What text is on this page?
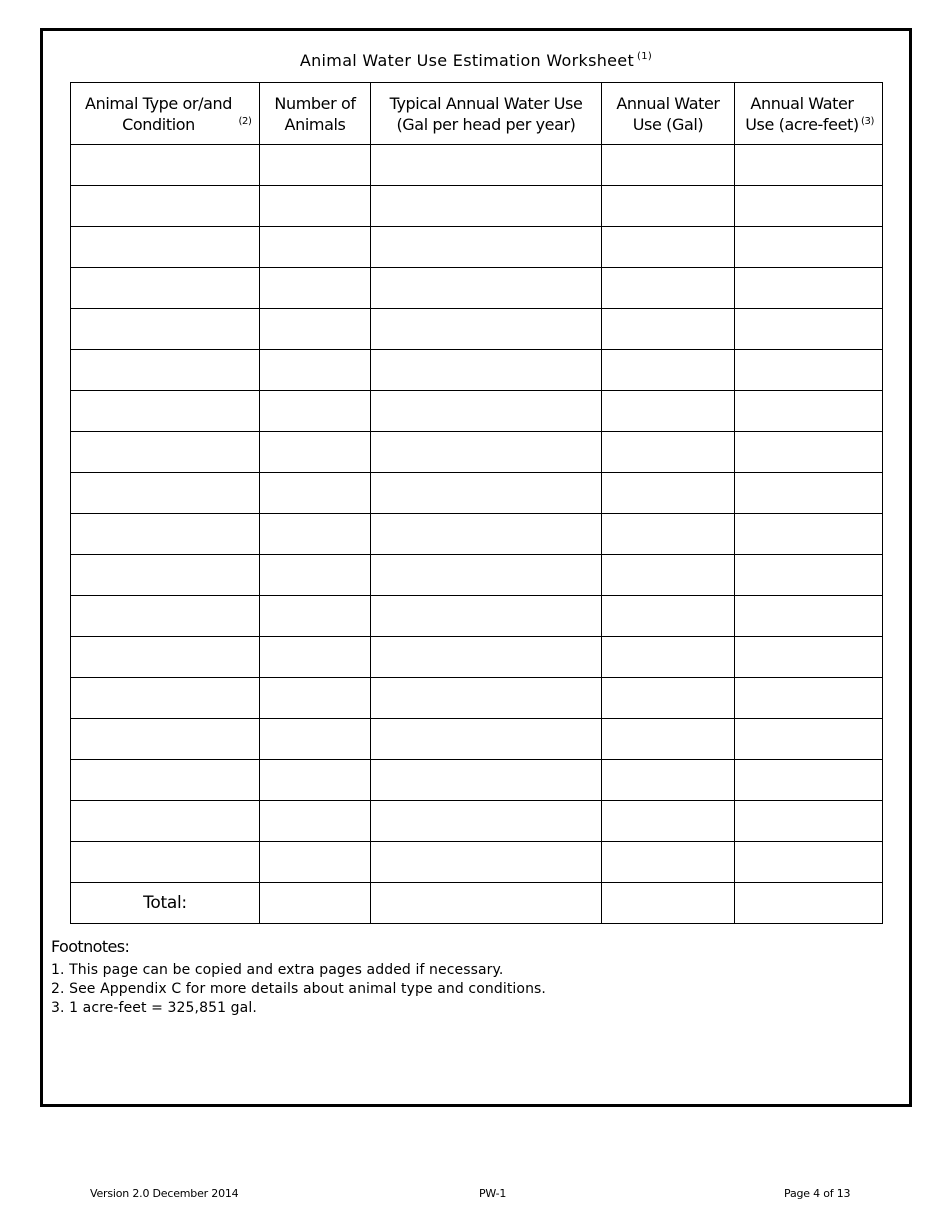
Animal Water Use Estimation Worksheet $^{(1)}$
Animal Type or/and Condition $^{(2)}$	Number of Animals	Typical Annual Water Use (Gal per head per year)	Annual Water Use (Gal)	Annual Water Use (acre-feet) $^{(3)}$

Total:				
Footnotes:
1. This page can be copied and extra pages added if necessary.
2. See Appendix C for more details about animal type and conditions.
3. 1 acre-feet = 325,851 gal.
Version 2.0 December 2014	PW-1	Page 4 of 13
